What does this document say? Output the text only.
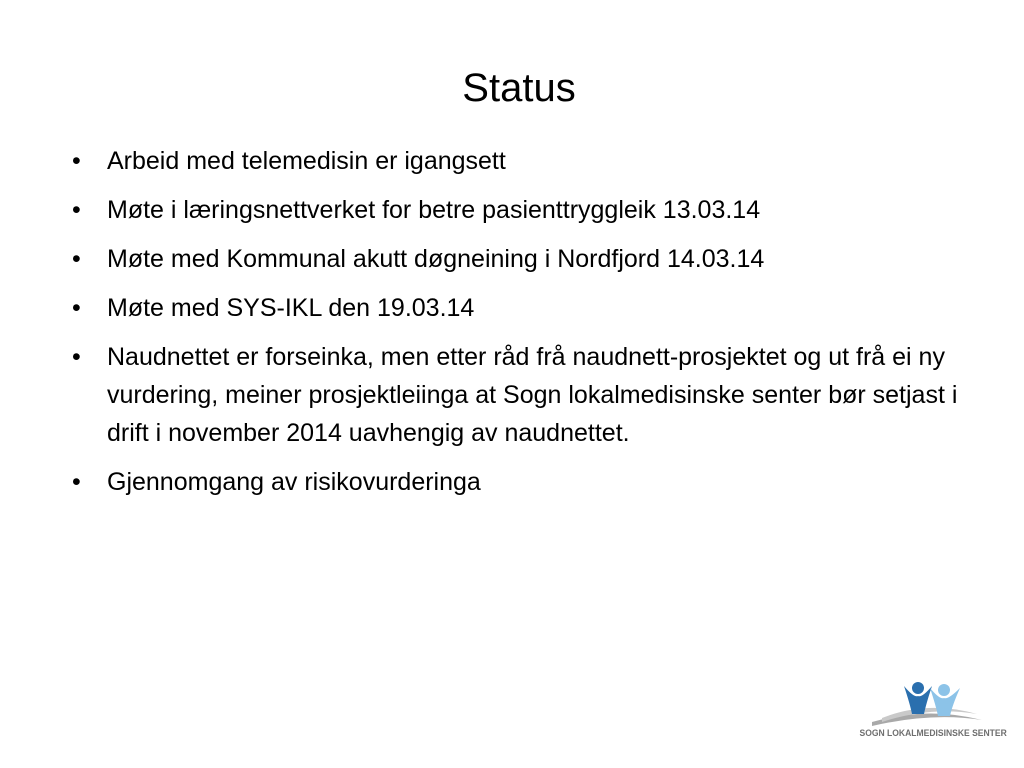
Status
•	Arbeid med telemedisin er igangsett
•	Møte i læringsnettverket for betre pasienttryggleik 13.03.14
•	Møte med Kommunal akutt døgneining i Nordfjord 14.03.14
•	Møte med SYS-IKL den 19.03.14
•	Naudnettet er forseinka, men etter råd frå naudnett-prosjektet og ut frå ei ny vurdering, meiner prosjektleiinga at Sogn lokalmedisinske senter bør setjast i drift i november 2014 uavhengig av naudnettet.
•	Gjennomgang av risikovurderinga
SOGN LOKALMEDISINSKE SENTER
